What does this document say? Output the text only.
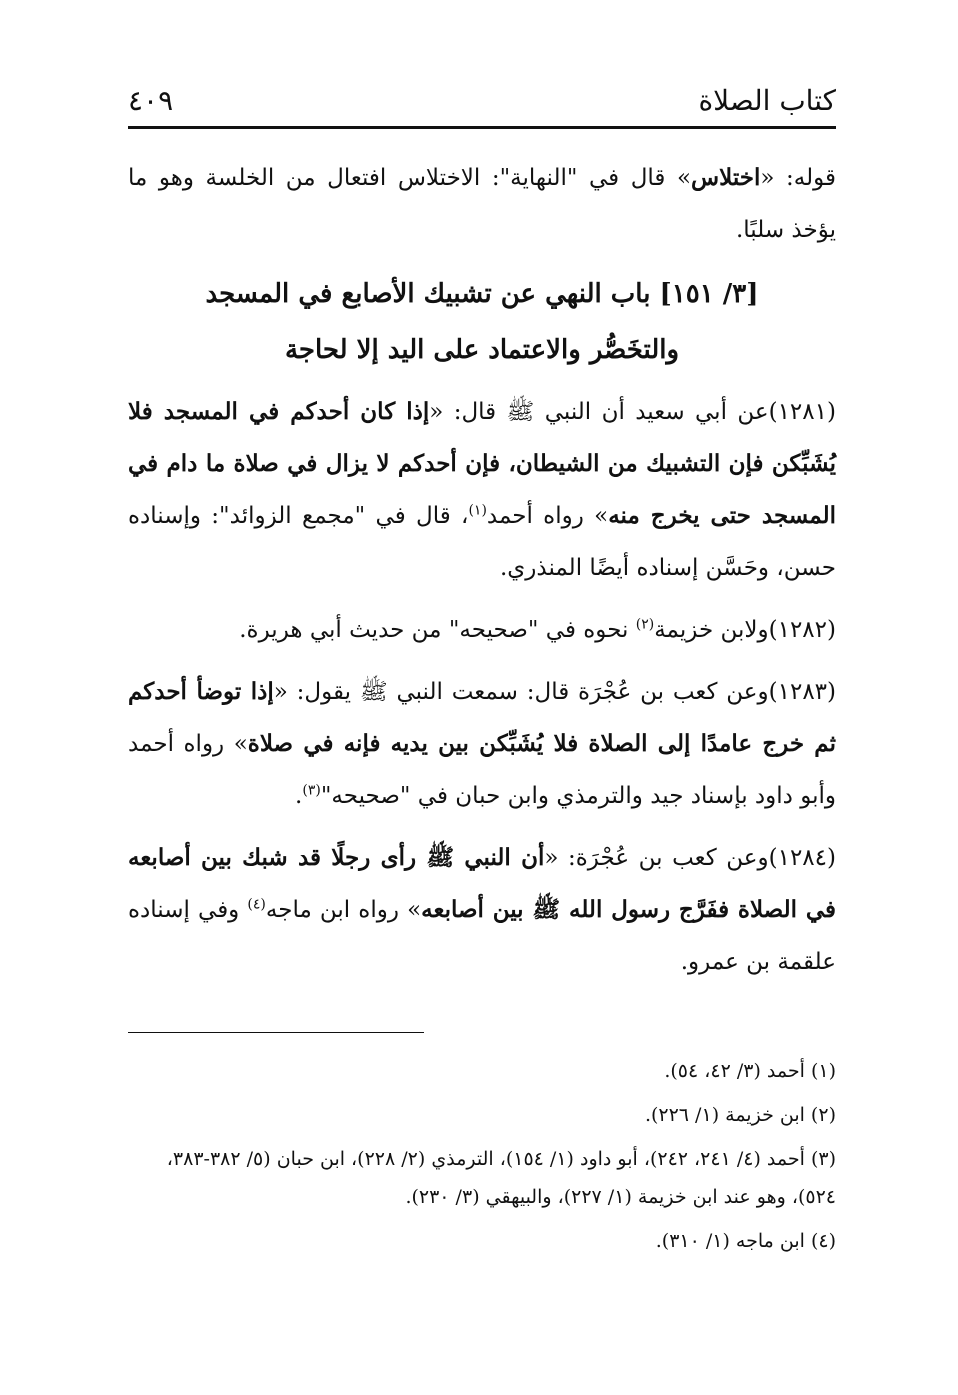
كتاب الصلاة
٤٠٩

قوله: «اختلاس» قال في "النهاية": الاختلاس افتعال من الخلسة وهو ما يؤخذ سلبًا.

[٣/ ١٥١] باب النهي عن تشبيك الأصابع في المسجد
والتخَصُّر والاعتماد على اليد إلا لحاجة

(١٢٨١)عن أبي سعيد أن النبي ﷺ قال: «إذا كان أحدكم في المسجد فلا يُشَبِّكن فإن التشبيك من الشيطان، فإن أحدكم لا يزال في صلاة ما دام في المسجد حتى يخرج منه» رواه أحمد$^{(١)}$، قال في "مجمع الزوائد": وإسناده حسن، وحَسَّن إسناده أيضًا المنذري.

(١٢٨٢)ولابن خزيمة$^{(٢)}$ نحوه في "صحيحه" من حديث أبي هريرة.

(١٢٨٣)وعن كعب بن عُجْرَة قال: سمعت النبي ﷺ يقول: «إذا توضأ أحدكم ثم خرج عامدًا إلى الصلاة فلا يُشَبِّكن بين يديه فإنه في صلاة» رواه أحمد وأبو داود بإسناد جيد والترمذي وابن حبان في "صحيحه"$^{(٣)}$.

(١٢٨٤)وعن كعب بن عُجْرَة: «أن النبي ﷺ رأى رجلًا قد شبك بين أصابعه في الصلاة ففَرَّج رسول الله ﷺ بين أصابعه» رواه ابن ماجه$^{(٤)}$ وفي إسناده علقمة بن عمرو.

(١) أحمد (٣/ ٤٢، ٥٤).
(٢) ابن خزيمة (١/ ٢٢٦).
(٣) أحمد (٤/ ٢٤١، ٢٤٢)، أبو داود (١/ ١٥٤)، الترمذي (٢/ ٢٢٨)، ابن حبان (٥/ ٣٨٢-٣٨٣، ٥٢٤)، وهو عند ابن خزيمة (١/ ٢٢٧)، والبيهقي (٣/ ٢٣٠).
(٤) ابن ماجه (١/ ٣١٠).
